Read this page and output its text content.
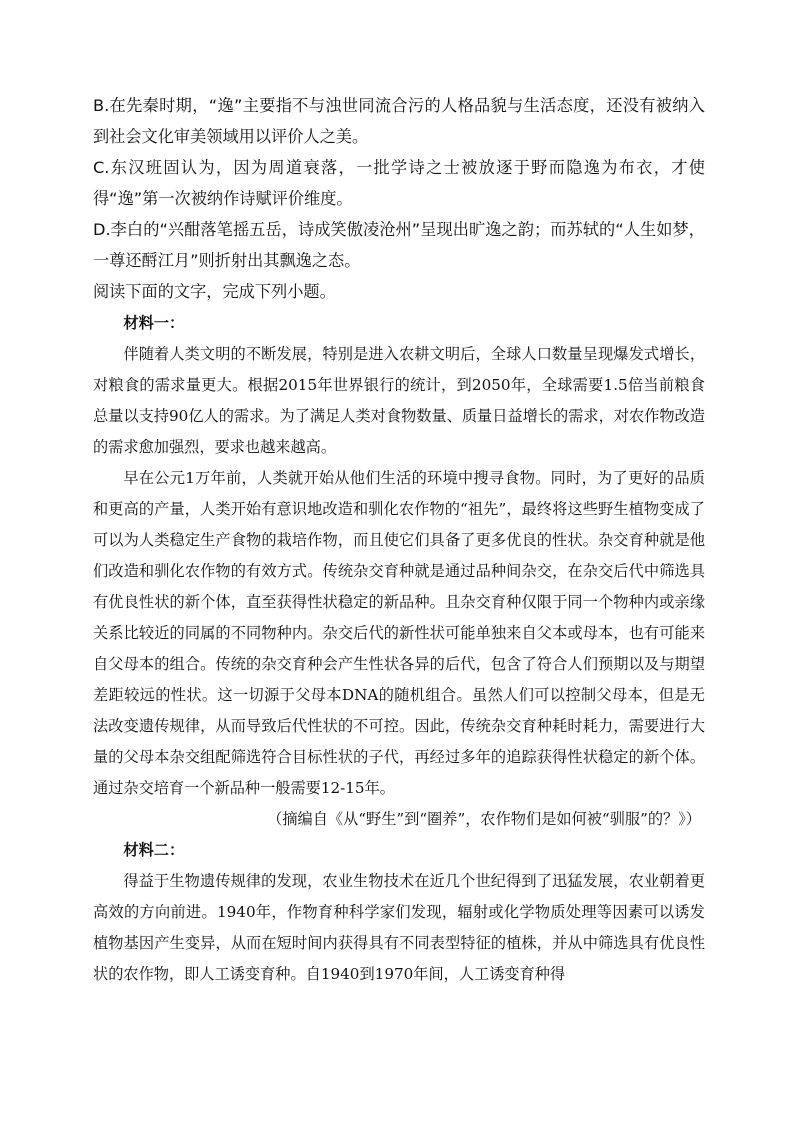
B.在先秦时期，“逸”主要指不与浊世同流合污的人格品貌与生活态度，还没有被纳入到社会文化审美领域用以评价人之美。

C.东汉班固认为，因为周道衰落，一批学诗之士被放逐于野而隐逸为布衣，才使得“逸”第一次被纳作诗赋评价维度。

D.李白的“兴酣落笔摇五岳，诗成笑傲凌沧州”呈现出旷逸之韵；而苏轼的“人生如梦，一尊还酹江月”则折射出其飘逸之态。

阅读下面的文字，完成下列小题。

材料一：

伴随着人类文明的不断发展，特别是进入农耕文明后，全球人口数量呈现爆发式增长，对粮食的需求量更大。根据2015年世界银行的统计，到2050年，全球需要1.5倍当前粮食总量以支持90亿人的需求。为了满足人类对食物数量、质量日益增长的需求，对农作物改造的需求愈加强烈，要求也越来越高。

早在公元1万年前，人类就开始从他们生活的环境中搜寻食物。同时，为了更好的品质和更高的产量，人类开始有意识地改造和驯化农作物的“祖先”，最终将这些野生植物变成了可以为人类稳定生产食物的栽培作物，而且使它们具备了更多优良的性状。杂交育种就是他们改造和驯化农作物的有效方式。传统杂交育种就是通过品种间杂交，在杂交后代中筛选具有优良性状的新个体，直至获得性状稳定的新品种。且杂交育种仅限于同一个物种内或亲缘关系比较近的同属的不同物种内。杂交后代的新性状可能单独来自父本或母本，也有可能来自父母本的组合。传统的杂交育种会产生性状各异的后代，包含了符合人们预期以及与期望差距较远的性状。这一切源于父母本DNA的随机组合。虽然人们可以控制父母本，但是无法改变遗传规律，从而导致后代性状的不可控。因此，传统杂交育种耗时耗力，需要进行大量的父母本杂交组配筛选符合目标性状的子代，再经过多年的追踪获得性状稳定的新个体。通过杂交培育一个新品种一般需要12-15年。

（摘编自《从“野生”到“圈养”，农作物们是如何被“驯服”的？》）

材料二：

得益于生物遗传规律的发现，农业生物技术在近几个世纪得到了迅猛发展，农业朝着更高效的方向前进。1940年，作物育种科学家们发现，辐射或化学物质处理等因素可以诱发植物基因产生变异，从而在短时间内获得具有不同表型特征的植株，并从中筛选具有优良性状的农作物，即人工诱变育种。自1940到1970年间，人工诱变育种得
